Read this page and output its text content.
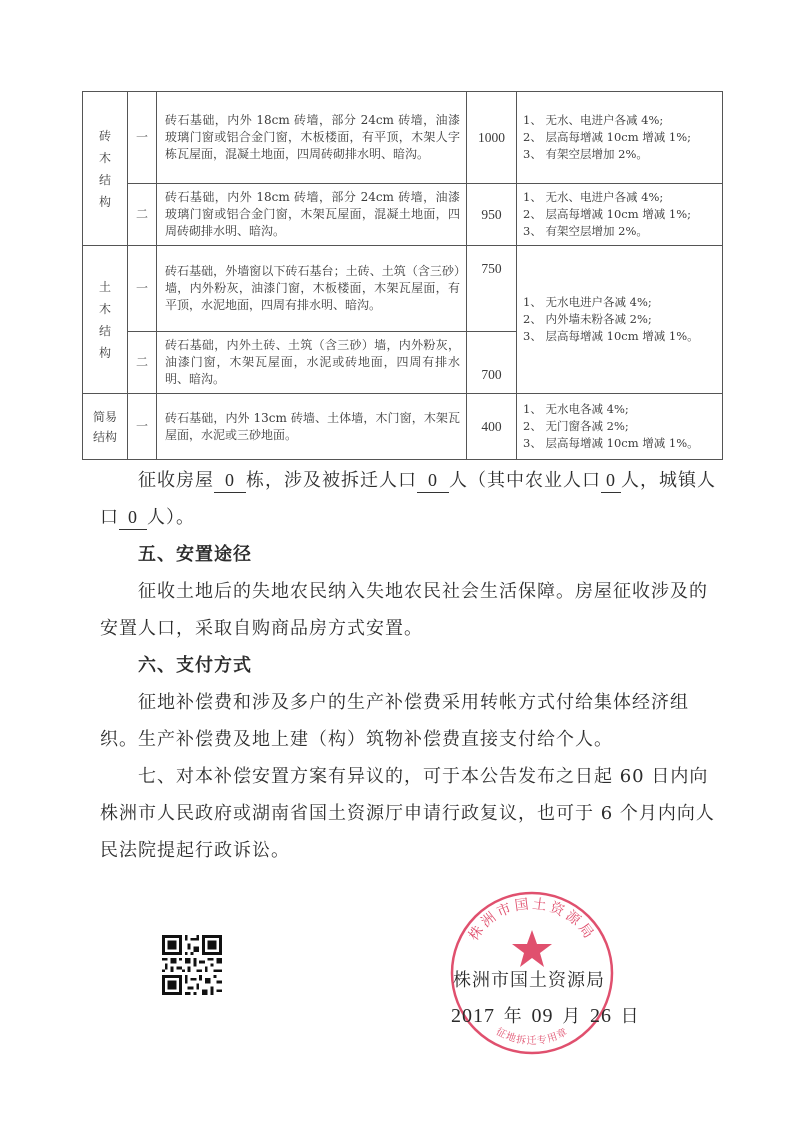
砖木结构	一	砖石基础，内外 18cm 砖墙，部分 24cm 砖墙，油漆玻璃门窗或铝合金门窗，木板楼面，有平顶，木架人字栋瓦屋面，混凝土地面，四周砖砌排水明、暗沟。	1000	1、 无水、电进户各减 4%;
2、 层高每增减 10cm 增减 1%;
3、 有架空层增加 2%。

	二	砖石基础，内外 18cm 砖墙，部分 24cm 砖墙，油漆玻璃门窗或铝合金门窗，木架瓦屋面，混凝土地面，四周砖砌排水明、暗沟。	950	1、 无水、电进户各减 4%;
2、 层高每增减 10cm 增减 1%;
3、 有架空层增加 2%。

土木结构	一	砖石基础，外墙窗以下砖石基台；土砖、土筑（含三砂）墙，内外粉灰，油漆门窗，木板楼面，木架瓦屋面，有平顶，水泥地面，四周有排水明、暗沟。	750	1、 无水电进户各减 4%;
2、 内外墙未粉各减 2%;
3、 层高每增减 10cm 增减 1%。

	二	砖石基础，内外土砖、土筑（含三砂）墙，内外粉灰，油漆门窗，木架瓦屋面，水泥或砖地面，四周有排水明、暗沟。	700	
简易结构	一	砖石基础，内外 13cm 砖墙、土体墙，木门窗，木架瓦屋面，水泥或三砂地面。	400	1、 无水电各减 4%;
2、 无门窗各减 2%;
3、 层高每增减 10cm 增减 1%。

征收房屋 0 栋，涉及被拆迁人口 0 人（其中农业人口 0 人，城镇人口 0 人）。

五、安置途径

征收土地后的失地农民纳入失地农民社会生活保障。房屋征收涉及的安置人口，采取自购商品房方式安置。

六、支付方式

征地补偿费和涉及多户的生产补偿费采用转帐方式付给集体经济组织。生产补偿费及地上建（构）筑物补偿费直接支付给个人。

七、对本补偿安置方案有异议的，可于本公告发布之日起 60 日内向株洲市人民政府或湖南省国土资源厅申请行政复议，也可于 6 个月内向人民法院提起行政诉讼。

株洲市国土资源局
征地拆迁专用章
株洲市国土资源局
2017 年 09 月 26 日
